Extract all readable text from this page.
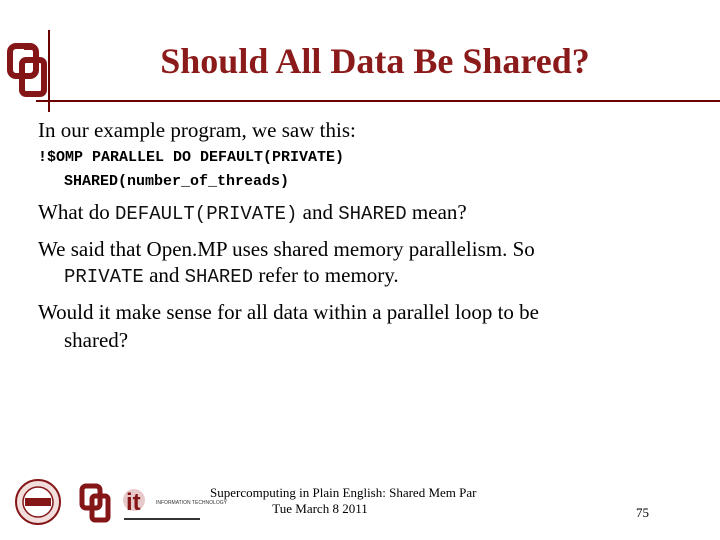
Should All Data Be Shared?
In our example program, we saw this:
!$OMP PARALLEL DO DEFAULT(PRIVATE)
SHARED(number_of_threads)
What do DEFAULT(PRIVATE) and SHARED mean?
We said that Open.MP uses shared memory parallelism. So
PRIVATE and SHARED refer to memory.
Would it make sense for all data within a parallel loop to be
shared?
it	INFORMATION TECHNOLOGY
Supercomputing in Plain English: Shared Mem Par
Tue March 8 2011	75
